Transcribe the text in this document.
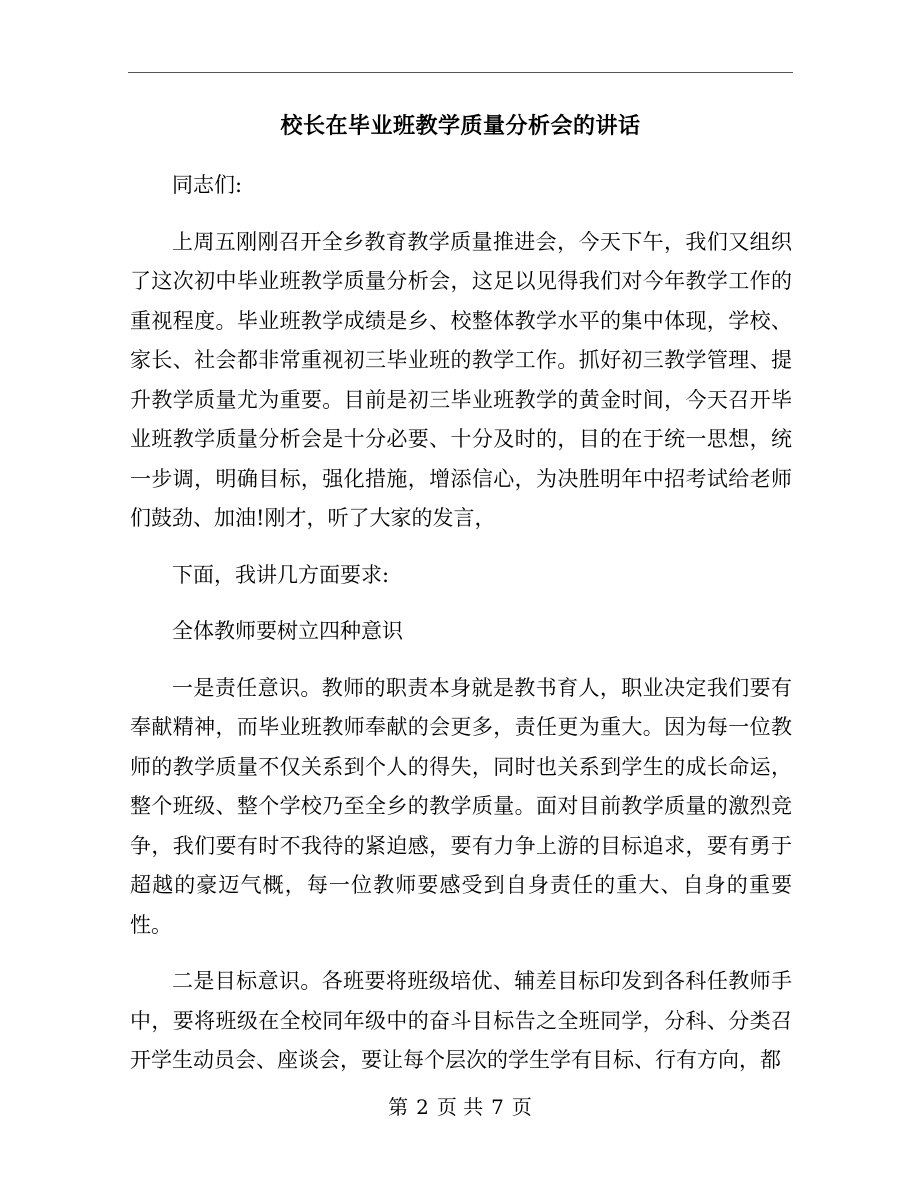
校长在毕业班教学质量分析会的讲话

同志们:

上周五刚刚召开全乡教育教学质量推进会，今天下午，我们又组织了这次初中毕业班教学质量分析会，这足以见得我们对今年教学工作的重视程度。毕业班教学成绩是乡、校整体教学水平的集中体现，学校、家长、社会都非常重视初三毕业班的教学工作。抓好初三教学管理、提升教学质量尤为重要。目前是初三毕业班教学的黄金时间，今天召开毕业班教学质量分析会是十分必要、十分及时的，目的在于统一思想，统一步调，明确目标，强化措施，增添信心，为决胜明年中招考试给老师们鼓劲、加油!刚才，听了大家的发言，

下面，我讲几方面要求:

全体教师要树立四种意识

一是责任意识。教师的职责本身就是教书育人，职业决定我们要有奉献精神，而毕业班教师奉献的会更多，责任更为重大。因为每一位教师的教学质量不仅关系到个人的得失，同时也关系到学生的成长命运，整个班级、整个学校乃至全乡的教学质量。面对目前教学质量的激烈竞争，我们要有时不我待的紧迫感，要有力争上游的目标追求，要有勇于超越的豪迈气概，每一位教师要感受到自身责任的重大、自身的重要性。

二是目标意识。各班要将班级培优、辅差目标印发到各科任教师手中，要将班级在全校同年级中的奋斗目标告之全班同学，分科、分类召开学生动员会、座谈会，要让每个层次的学生学有目标、行有方向，都

第 2 页 共 7 页
